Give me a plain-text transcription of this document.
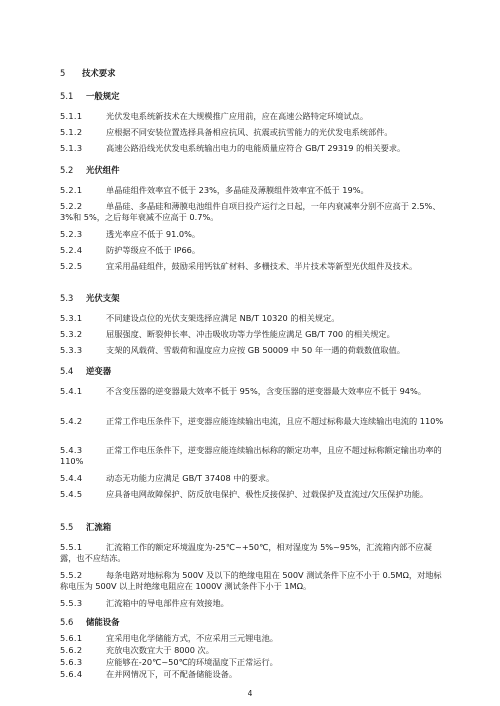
5 技术要求
5.1 一般规定
5.1.1	光伏发电系统新技术在大规模推广应用前，应在高速公路特定环境试点。
5.1.2	应根据不同安装位置选择具备相应抗风、抗震或抗雪能力的光伏发电系统部件。
5.1.3	高速公路沿线光伏发电系统输出电力的电能质量应符合 GB/T 29319 的相关要求。
5.2 光伏组件
5.2.1	单晶硅组件效率宜不低于 23%，多晶硅及薄膜组件效率宜不低于 19%。
5.2.2	单晶硅、多晶硅和薄膜电池组件自项目投产运行之日起，一年内衰减率分别不应高于 2.5%、3%和 5%，之后每年衰减不应高于 0.7%。
5.2.3	透光率应不低于 91.0%。
5.2.4	防护等级应不低于 IP66。
5.2.5	宜采用晶硅组件，鼓励采用钙钛矿材料、多栅技术、半片技术等新型光伏组件及技术。
5.3 光伏支架
5.3.1	不同建设点位的光伏支架选择应满足 NB/T 10320 的相关规定。
5.3.2	屈服强度、断裂伸长率、冲击吸收功等力学性能应满足 GB/T 700 的相关规定。
5.3.3	支架的风载荷、雪载荷和温度应力应按 GB 50009 中 50 年一遇的荷载数值取值。
5.4 逆变器
5.4.1	不含变压器的逆变器最大效率不低于 95%，含变压器的逆变器最大效率应不低于 94%。
5.4.2	正常工作电压条件下，逆变器应能连续输出电流，且应不超过标称最大连续输出电流的 110%
5.4.3	正常工作电压条件下，逆变器应能连续输出标称的额定功率，且应不超过标称额定输出功率的 110%
5.4.4	动态无功能力应满足 GB/T 37408 中的要求。
5.4.5	应具备电网故障保护、防反放电保护、极性反接保护、过载保护及直流过/欠压保护功能。
5.5 汇流箱
5.5.1	汇流箱工作的额定环境温度为-25℃~+50℃，相对湿度为 5%~95%，汇流箱内部不应凝露，也不应结冻。
5.5.2	每条电路对地标称为 500V 及以下的绝缘电阻在 500V 测试条件下应不小于 0.5MΩ，对地标称电压为 500V 以上时绝缘电阻应在 1000V 测试条件下小于 1MΩ。
5.5.3	汇流箱中的导电部件应有效接地。
5.6 储能设备
5.6.1	宜采用电化学储能方式，不应采用三元锂电池。
5.6.2	充放电次数宜大于 8000 次。
5.6.3	应能够在-20℃~50℃的环境温度下正常运行。
5.6.4	在并网情况下，可不配备储能设备。
4
